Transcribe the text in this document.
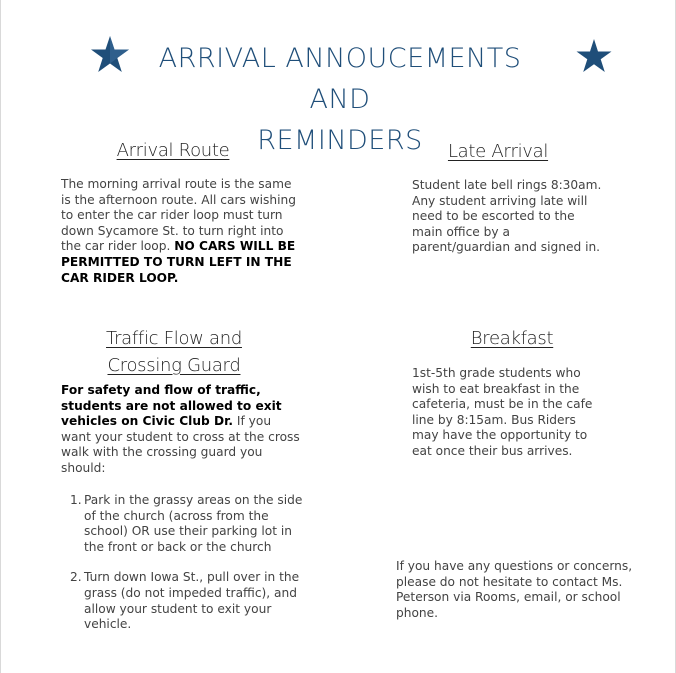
ARRIVAL ANNOUCEMENTS AND
REMINDERS
Arrival Route
The morning arrival route is the same is the afternoon route. All cars wishing to enter the car rider loop must turn down Sycamore St. to turn right into the car rider loop. NO CARS WILL BE PERMITTED TO TURN LEFT IN THE CAR RIDER LOOP.
Late Arrival
Student late bell rings 8:30am. Any student arriving late will need to be escorted to the main office by a parent/guardian and signed in.
Traffic Flow and
Crossing Guard
For safety and flow of traffic, students are not allowed to exit vehicles on Civic Club Dr. If you want your student to cross at the cross walk with the crossing guard you should:
1. Park in the grassy areas on the side of the church (across from the school) OR use their parking lot in the front or back or the church
2. Turn down Iowa St., pull over in the grass (do not impeded traffic), and allow your student to exit your vehicle.
Breakfast
1st-5th grade students who wish to eat breakfast in the cafeteria, must be in the cafe line by 8:15am. Bus Riders may have the opportunity to eat once their bus arrives.
If you have any questions or concerns, please do not hesitate to contact Ms. Peterson via Rooms, email, or school phone.
